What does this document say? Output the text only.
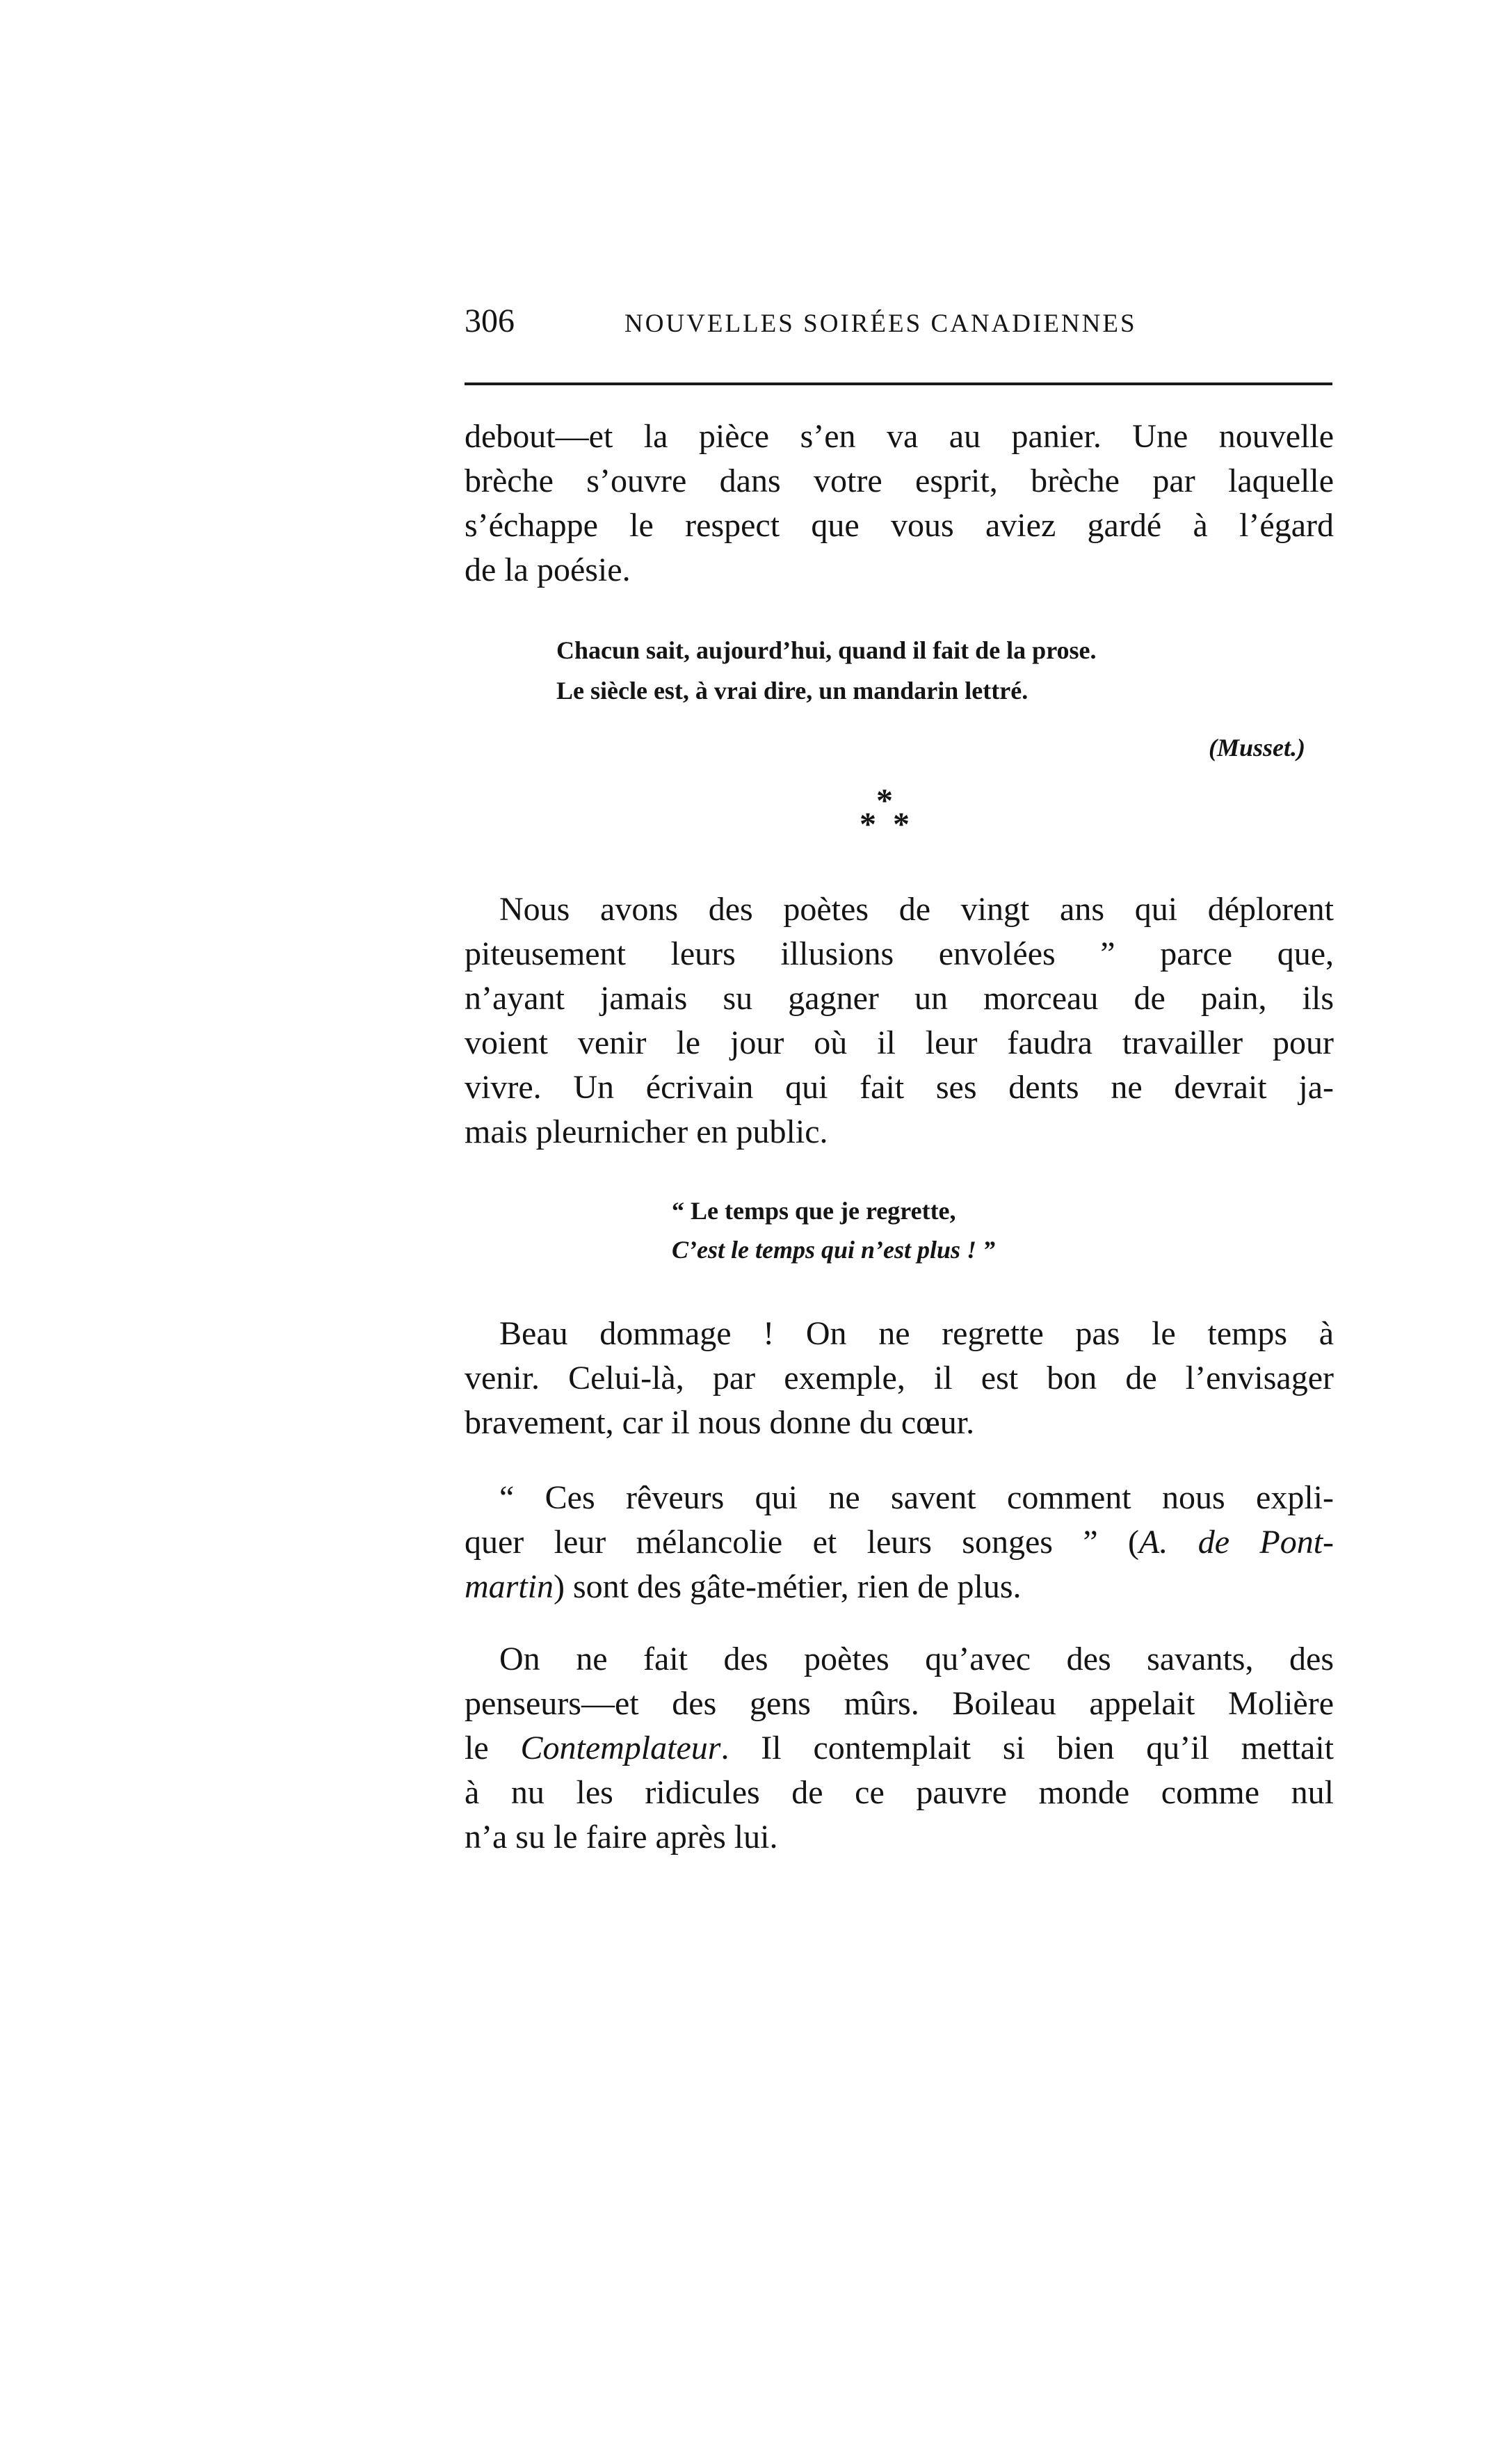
306	NOUVELLES SOIRÉES CANADIENNES
debout—et la pièce s’en va au panier. Une nouvelle
brèche s’ouvre dans votre esprit, brèche par laquelle
s’échappe le respect que vous aviez gardé à l’égard
de la poésie.
Chacun sait, aujourd’hui, quand il fait de la prose.
Le siècle est, à vrai dire, un mandarin lettré.
(Musset.)
*
* *
Nous avons des poètes de vingt ans qui déplorent
piteusement leurs illusions envolées ” parce que,
n’ayant jamais su gagner un morceau de pain, ils
voient venir le jour où il leur faudra travailler pour
vivre. Un écrivain qui fait ses dents ne devrait ja-
mais pleurnicher en public.
“ Le temps que je regrette,
C’est le temps qui n’est plus ! ”
Beau dommage ! On ne regrette pas le temps à
venir. Celui-là, par exemple, il est bon de l’envisager
bravement, car il nous donne du cœur.
“ Ces rêveurs qui ne savent comment nous expli-
quer leur mélancolie et leurs songes ” (A. de Pont-
martin) sont des gâte-métier, rien de plus.
On ne fait des poètes qu’avec des savants, des
penseurs—et des gens mûrs. Boileau appelait Molière
le Contemplateur. Il contemplait si bien qu’il mettait
à nu les ridicules de ce pauvre monde comme nul
n’a su le faire après lui.
